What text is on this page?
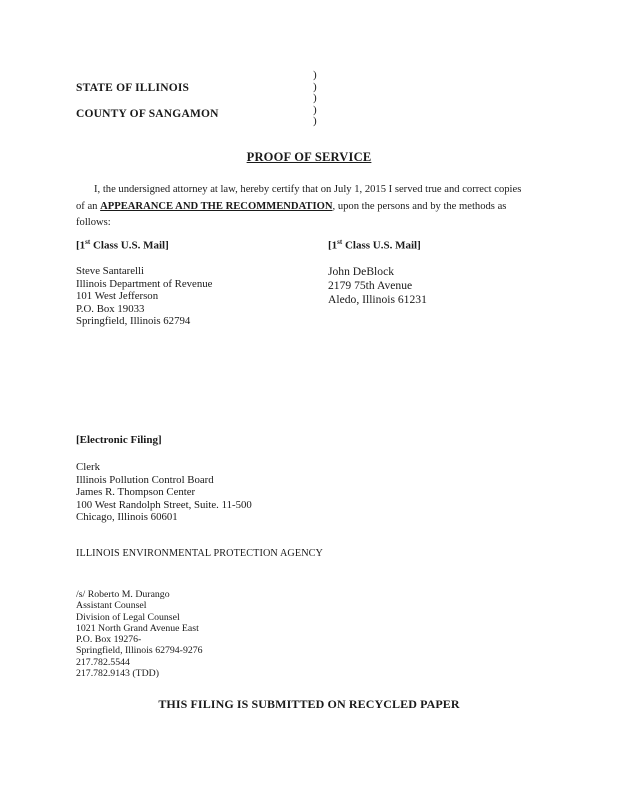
STATE OF ILLINOIS
COUNTY OF SANGAMON
)
)
)
)
)
PROOF OF SERVICE
I, the undersigned attorney at law, hereby certify that on July 1, 2015 I served true and correct copies
of an APPEARANCE AND THE RECOMMENDATION, upon the persons and by the methods as
follows:
[1st Class U.S. Mail]
Steve Santarelli
Illinois Department of Revenue
101 West Jefferson
P.O. Box 19033
Springfield, Illinois 62794
[1st Class U.S. Mail]
John DeBlock
2179 75th Avenue
Aledo, Illinois 61231
[Electronic Filing]
Clerk
Illinois Pollution Control Board
James R. Thompson Center
100 West Randolph Street, Suite. 11-500
Chicago, Illinois 60601
ILLINOIS ENVIRONMENTAL PROTECTION AGENCY
/s/ Roberto M. Durango
Assistant Counsel
Division of Legal Counsel
1021 North Grand Avenue East
P.O. Box 19276-
Springfield, Illinois 62794-9276
217.782.5544
217.782.9143 (TDD)
THIS FILING IS SUBMITTED ON RECYCLED PAPER
